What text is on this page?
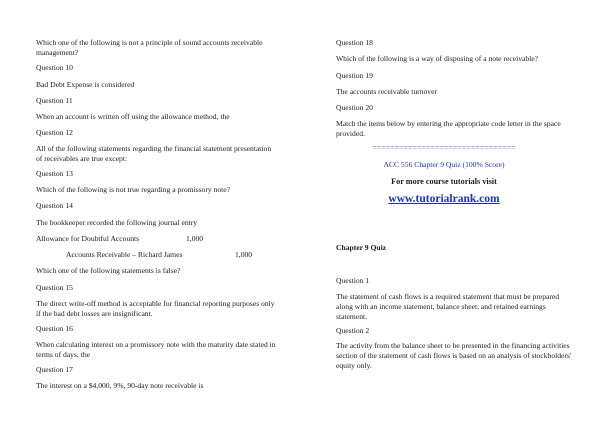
Which one of the following is not a principle of sound accounts receivable management?

Question 10

Bad Debt Expense is considered

Question 11

When an account is written off using the allowance method, the

Question 12

All of the following statements regarding the financial statement presentation of receivables are true except:

Question 13

Which of the following is not true regarding a promissory note?

Question 14

The bookkeeper recorded the following journal entry

Allowance for Doubtful Accounts	1,000
Accounts Receivable – Richard James	1,000

Which one of the following statements is false?

Question 15

The direct write-off method is acceptable for financial reporting purposes only if the bad debt losses are insignificant.

Question 16

When calculating interest on a promissory note with the maturity date stated in terms of days, the

Question 17

The interest on a $4,000, 9%, 90-day note receivable is

Question 18

Which of the following is a way of disposing of a note receivable?

Question 19

The accounts receivable turnover

Question 20

Match the items below by entering the appropriate code letter in the space provided.

================================

ACC 556 Chapter 9 Quiz (100% Score)

For more course tutorials visit

www.tutorialrank.com

Chapter 9 Quiz

Question 1

The statement of cash flows is a required statement that must be prepared along with an income statement, balance sheet, and retained earnings statement.

Question 2

The activity from the balance sheet to be presented in the financing activities section of the statement of cash flows is based on an analysis of stockholders' equity only.
